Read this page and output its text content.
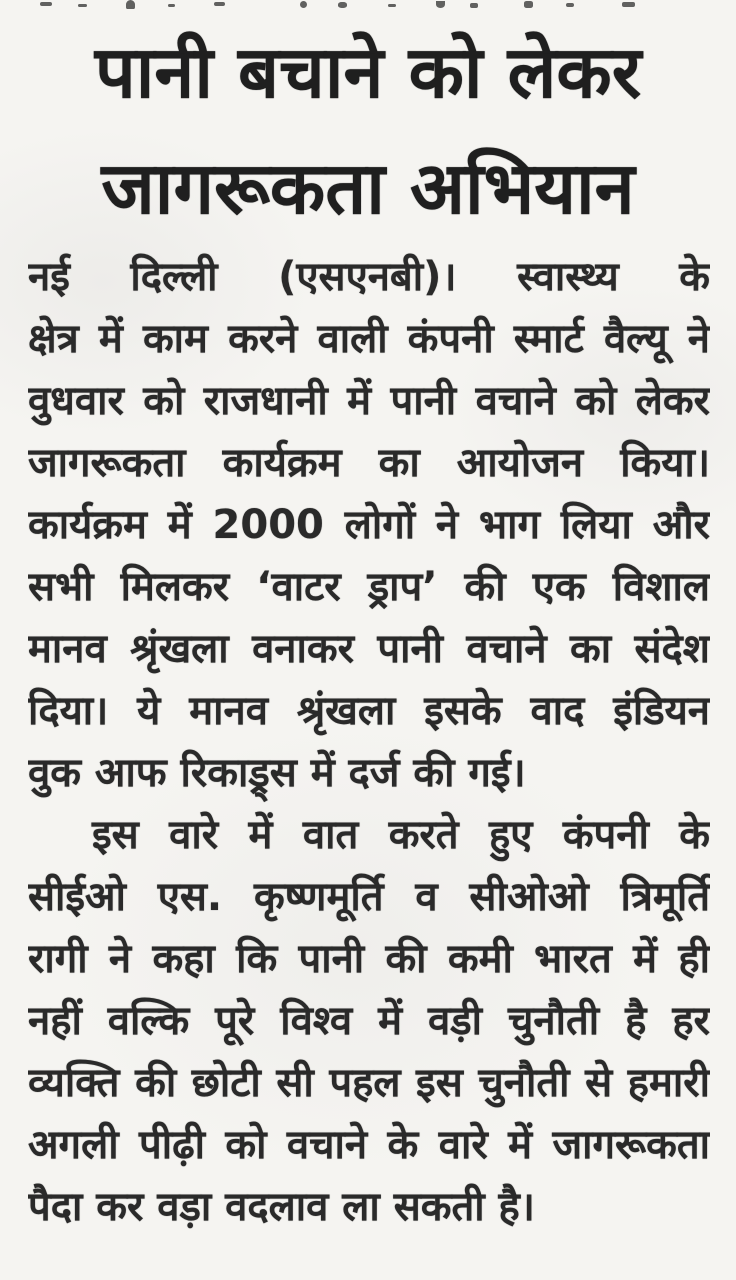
पानी बचाने को लेकर
जागरूकता अभियान
नई दिल्ली (एसएनबी)। स्वास्थ्य के
क्षेत्र में काम करने वाली कंपनी स्मार्ट वैल्यू ने
वुधवार को राजधानी में पानी वचाने को लेकर
जागरूकता कार्यक्रम का आयोजन किया।
कार्यक्रम में 2000 लोगों ने भाग लिया और
सभी मिलकर ‘वाटर ड्राप’ की एक विशाल
मानव श्रृंखला वनाकर पानी वचाने का संदेश
दिया। ये मानव श्रृंखला इसके वाद इंडियन
वुक आफ रिकाड्र्स में दर्ज की गई।
इस वारे में वात करते हुए कंपनी के
सीईओ एस. कृष्णमूर्ति व सीओओ त्रिमूर्ति
रागी ने कहा कि पानी की कमी भारत में ही
नहीं वल्कि पूरे विश्व में वड़ी चुनौती है हर
व्यक्ति की छोटी सी पहल इस चुनौती से हमारी
अगली पीढ़ी को वचाने के वारे में जागरूकता
पैदा कर वड़ा वदलाव ला सकती है।
